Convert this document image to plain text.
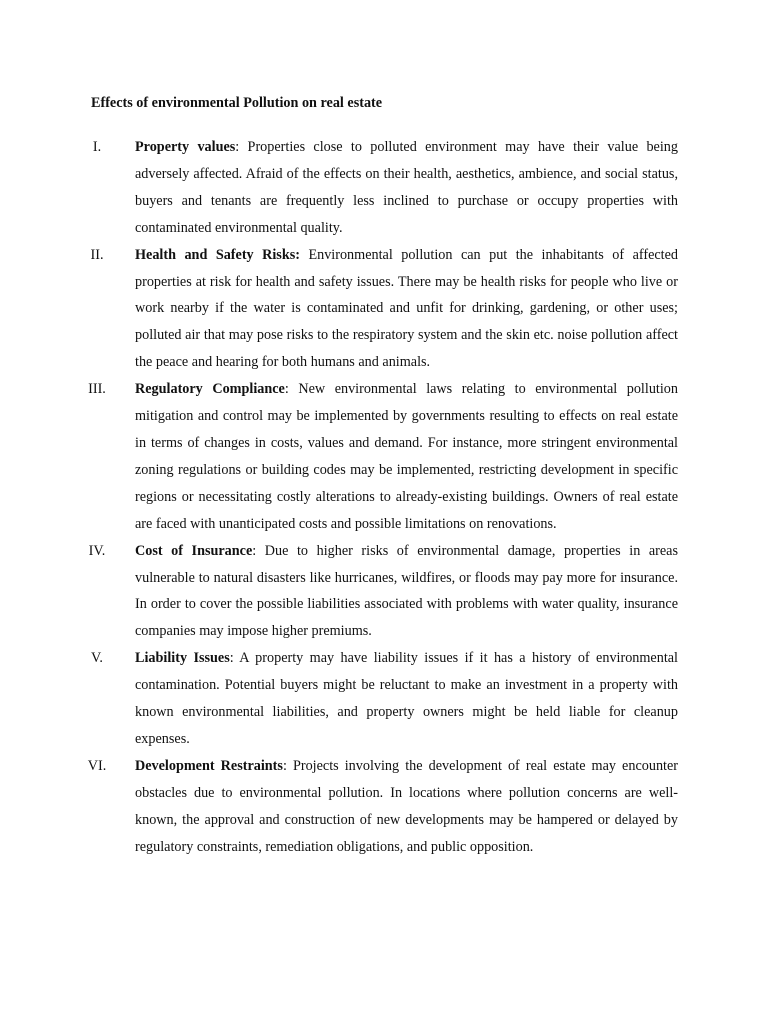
Effects of environmental Pollution on real estate
I.	Property values: Properties close to polluted environment may have their value being adversely affected. Afraid of the effects on their health, aesthetics, ambience, and social status, buyers and tenants are frequently less inclined to purchase or occupy properties with contaminated environmental quality.
II.	Health and Safety Risks: Environmental pollution can put the inhabitants of affected properties at risk for health and safety issues. There may be health risks for people who live or work nearby if the water is contaminated and unfit for drinking, gardening, or other uses; polluted air that may pose risks to the respiratory system and the skin etc. noise pollution affect the peace and hearing for both humans and animals.
III.	Regulatory Compliance: New environmental laws relating to environmental pollution mitigation and control may be implemented by governments resulting to effects on real estate in terms of changes in costs, values and demand. For instance, more stringent environmental zoning regulations or building codes may be implemented, restricting development in specific regions or necessitating costly alterations to already-existing buildings. Owners of real estate are faced with unanticipated costs and possible limitations on renovations.
IV.	Cost of Insurance: Due to higher risks of environmental damage, properties in areas vulnerable to natural disasters like hurricanes, wildfires, or floods may pay more for insurance. In order to cover the possible liabilities associated with problems with water quality, insurance companies may impose higher premiums.
V.	Liability Issues: A property may have liability issues if it has a history of environmental contamination. Potential buyers might be reluctant to make an investment in a property with known environmental liabilities, and property owners might be held liable for cleanup expenses.
VI.	Development Restraints: Projects involving the development of real estate may encounter obstacles due to environmental pollution. In locations where pollution concerns are well-known, the approval and construction of new developments may be hampered or delayed by regulatory constraints, remediation obligations, and public opposition.
